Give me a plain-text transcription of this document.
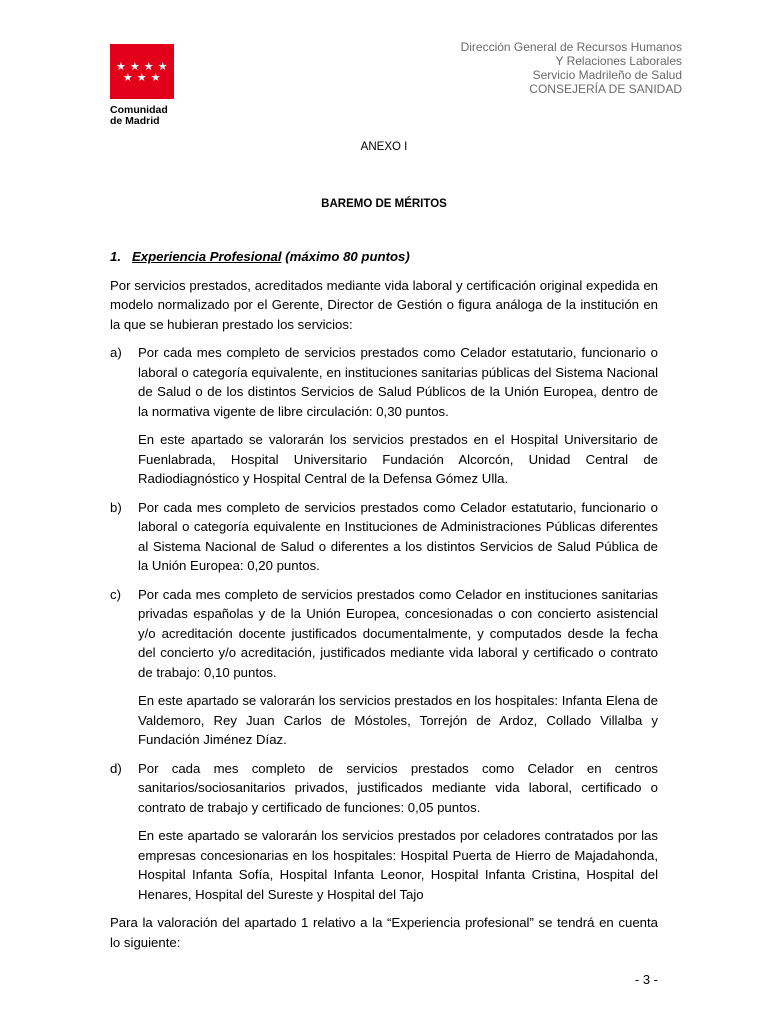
★ ★ ★ ★
★ ★ ★
Comunidad
de Madrid
Dirección General de Recursos Humanos
Y Relaciones Laborales
Servicio Madrileño de Salud
CONSEJERÍA DE SANIDAD

ANEXO I

BAREMO DE MÉRITOS

1. Experiencia Profesional (máximo 80 puntos)

Por servicios prestados, acreditados mediante vida laboral y certificación original expedida en modelo normalizado por el Gerente, Director de Gestión o figura análoga de la institución en la que se hubieran prestado los servicios:

a) Por cada mes completo de servicios prestados como Celador estatutario, funcionario o laboral o categoría equivalente, en instituciones sanitarias públicas del Sistema Nacional de Salud o de los distintos Servicios de Salud Públicos de la Unión Europea, dentro de la normativa vigente de libre circulación: 0,30 puntos.

En este apartado se valorarán los servicios prestados en el Hospital Universitario de Fuenlabrada, Hospital Universitario Fundación Alcorcón, Unidad Central de Radiodiagnóstico y Hospital Central de la Defensa Gómez Ulla.

b) Por cada mes completo de servicios prestados como Celador estatutario, funcionario o laboral o categoría equivalente en Instituciones de Administraciones Públicas diferentes al Sistema Nacional de Salud o diferentes a los distintos Servicios de Salud Pública de la Unión Europea: 0,20 puntos.
c) Por cada mes completo de servicios prestados como Celador en instituciones sanitarias privadas españolas y de la Unión Europea, concesionadas o con concierto asistencial y/o acreditación docente justificados documentalmente, y computados desde la fecha del concierto y/o acreditación, justificados mediante vida laboral y certificado o contrato de trabajo: 0,10 puntos.

En este apartado se valorarán los servicios prestados en los hospitales: Infanta Elena de Valdemoro, Rey Juan Carlos de Móstoles, Torrejón de Ardoz, Collado Villalba y Fundación Jiménez Díaz.

d) Por cada mes completo de servicios prestados como Celador en centros sanitarios/sociosanitarios privados, justificados mediante vida laboral, certificado o contrato de trabajo y certificado de funciones: 0,05 puntos.

En este apartado se valorarán los servicios prestados por celadores contratados por las empresas concesionarias en los hospitales: Hospital Puerta de Hierro de Majadahonda, Hospital Infanta Sofía, Hospital Infanta Leonor, Hospital Infanta Cristina, Hospital del Henares, Hospital del Sureste y Hospital del Tajo

Para la valoración del apartado 1 relativo a la “Experiencia profesional” se tendrá en cuenta lo siguiente:

- 3 -
